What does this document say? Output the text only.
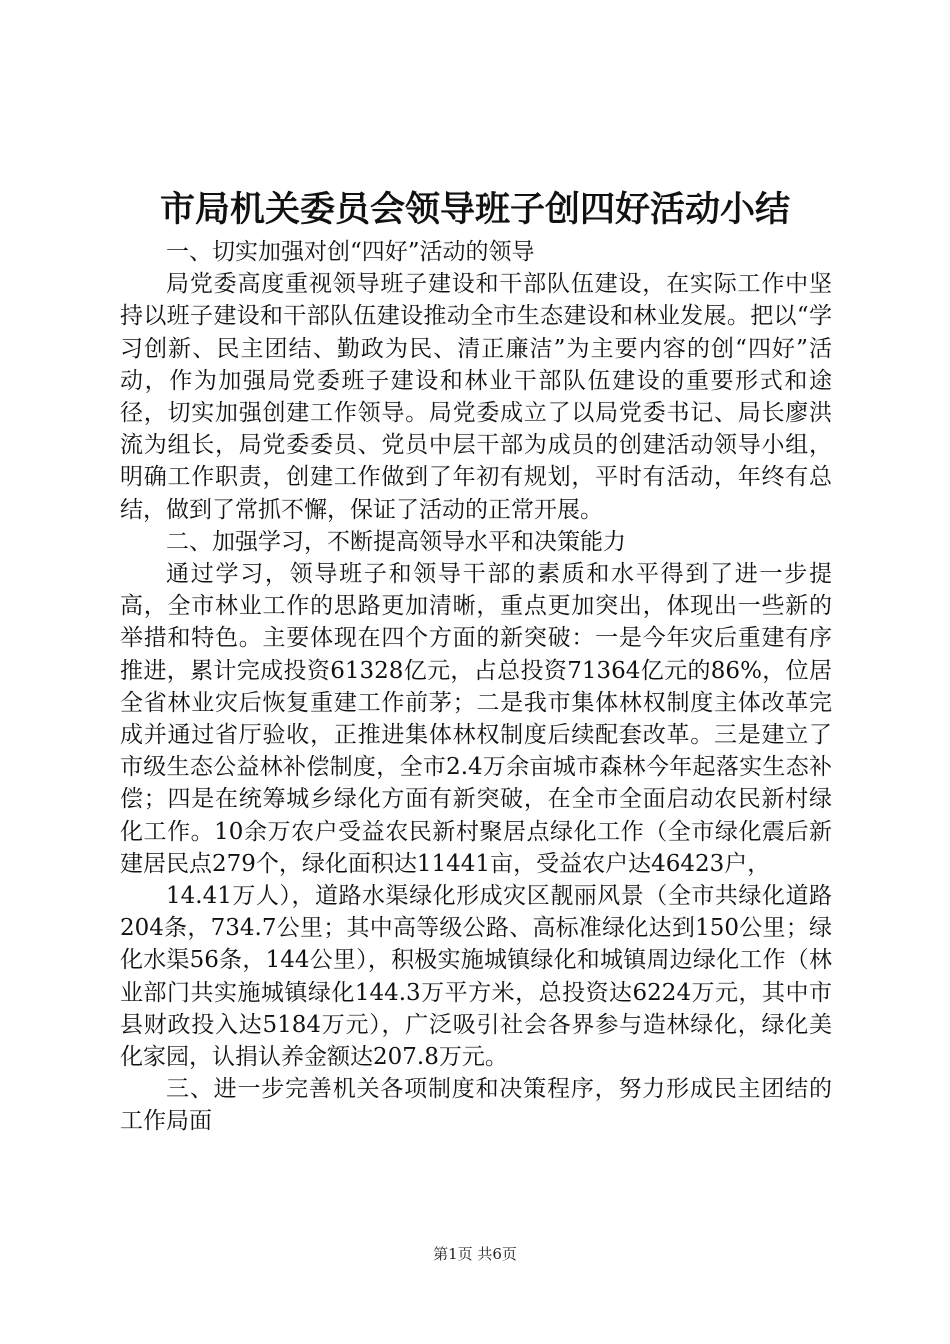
市局机关委员会领导班子创四好活动小结

一、切实加强对创“四好”活动的领导

局党委高度重视领导班子建设和干部队伍建设，在实际工作中坚持以班子建设和干部队伍建设推动全市生态建设和林业发展。把以“学习创新、民主团结、勤政为民、清正廉洁”为主要内容的创“四好”活动，作为加强局党委班子建设和林业干部队伍建设的重要形式和途径，切实加强创建工作领导。局党委成立了以局党委书记、局长廖洪流为组长，局党委委员、党员中层干部为成员的创建活动领导小组，明确工作职责，创建工作做到了年初有规划，平时有活动，年终有总结，做到了常抓不懈，保证了活动的正常开展。

二、加强学习，不断提高领导水平和决策能力

通过学习，领导班子和领导干部的素质和水平得到了进一步提高，全市林业工作的思路更加清晰，重点更加突出，体现出一些新的举措和特色。主要体现在四个方面的新突破：一是今年灾后重建有序推进，累计完成投资61328亿元，占总投资71364亿元的86%，位居全省林业灾后恢复重建工作前茅；二是我市集体林权制度主体改革完成并通过省厅验收，正推进集体林权制度后续配套改革。三是建立了市级生态公益林补偿制度，全市2.4万余亩城市森林今年起落实生态补偿；四是在统筹城乡绿化方面有新突破，在全市全面启动农民新村绿化工作。10余万农户受益农民新村聚居点绿化工作（全市绿化震后新建居民点279个，绿化面积达11441亩，受益农户达46423户，

14.41万人），道路水渠绿化形成灾区靓丽风景（全市共绿化道路204条，734.7公里；其中高等级公路、高标准绿化达到150公里；绿化水渠56条，144公里），积极实施城镇绿化和城镇周边绿化工作（林业部门共实施城镇绿化144.3万平方米，总投资达6224万元，其中市县财政投入达5184万元），广泛吸引社会各界参与造林绿化，绿化美化家园，认捐认养金额达207.8万元。

三、进一步完善机关各项制度和决策程序，努力形成民主团结的工作局面

第1页 共6页
